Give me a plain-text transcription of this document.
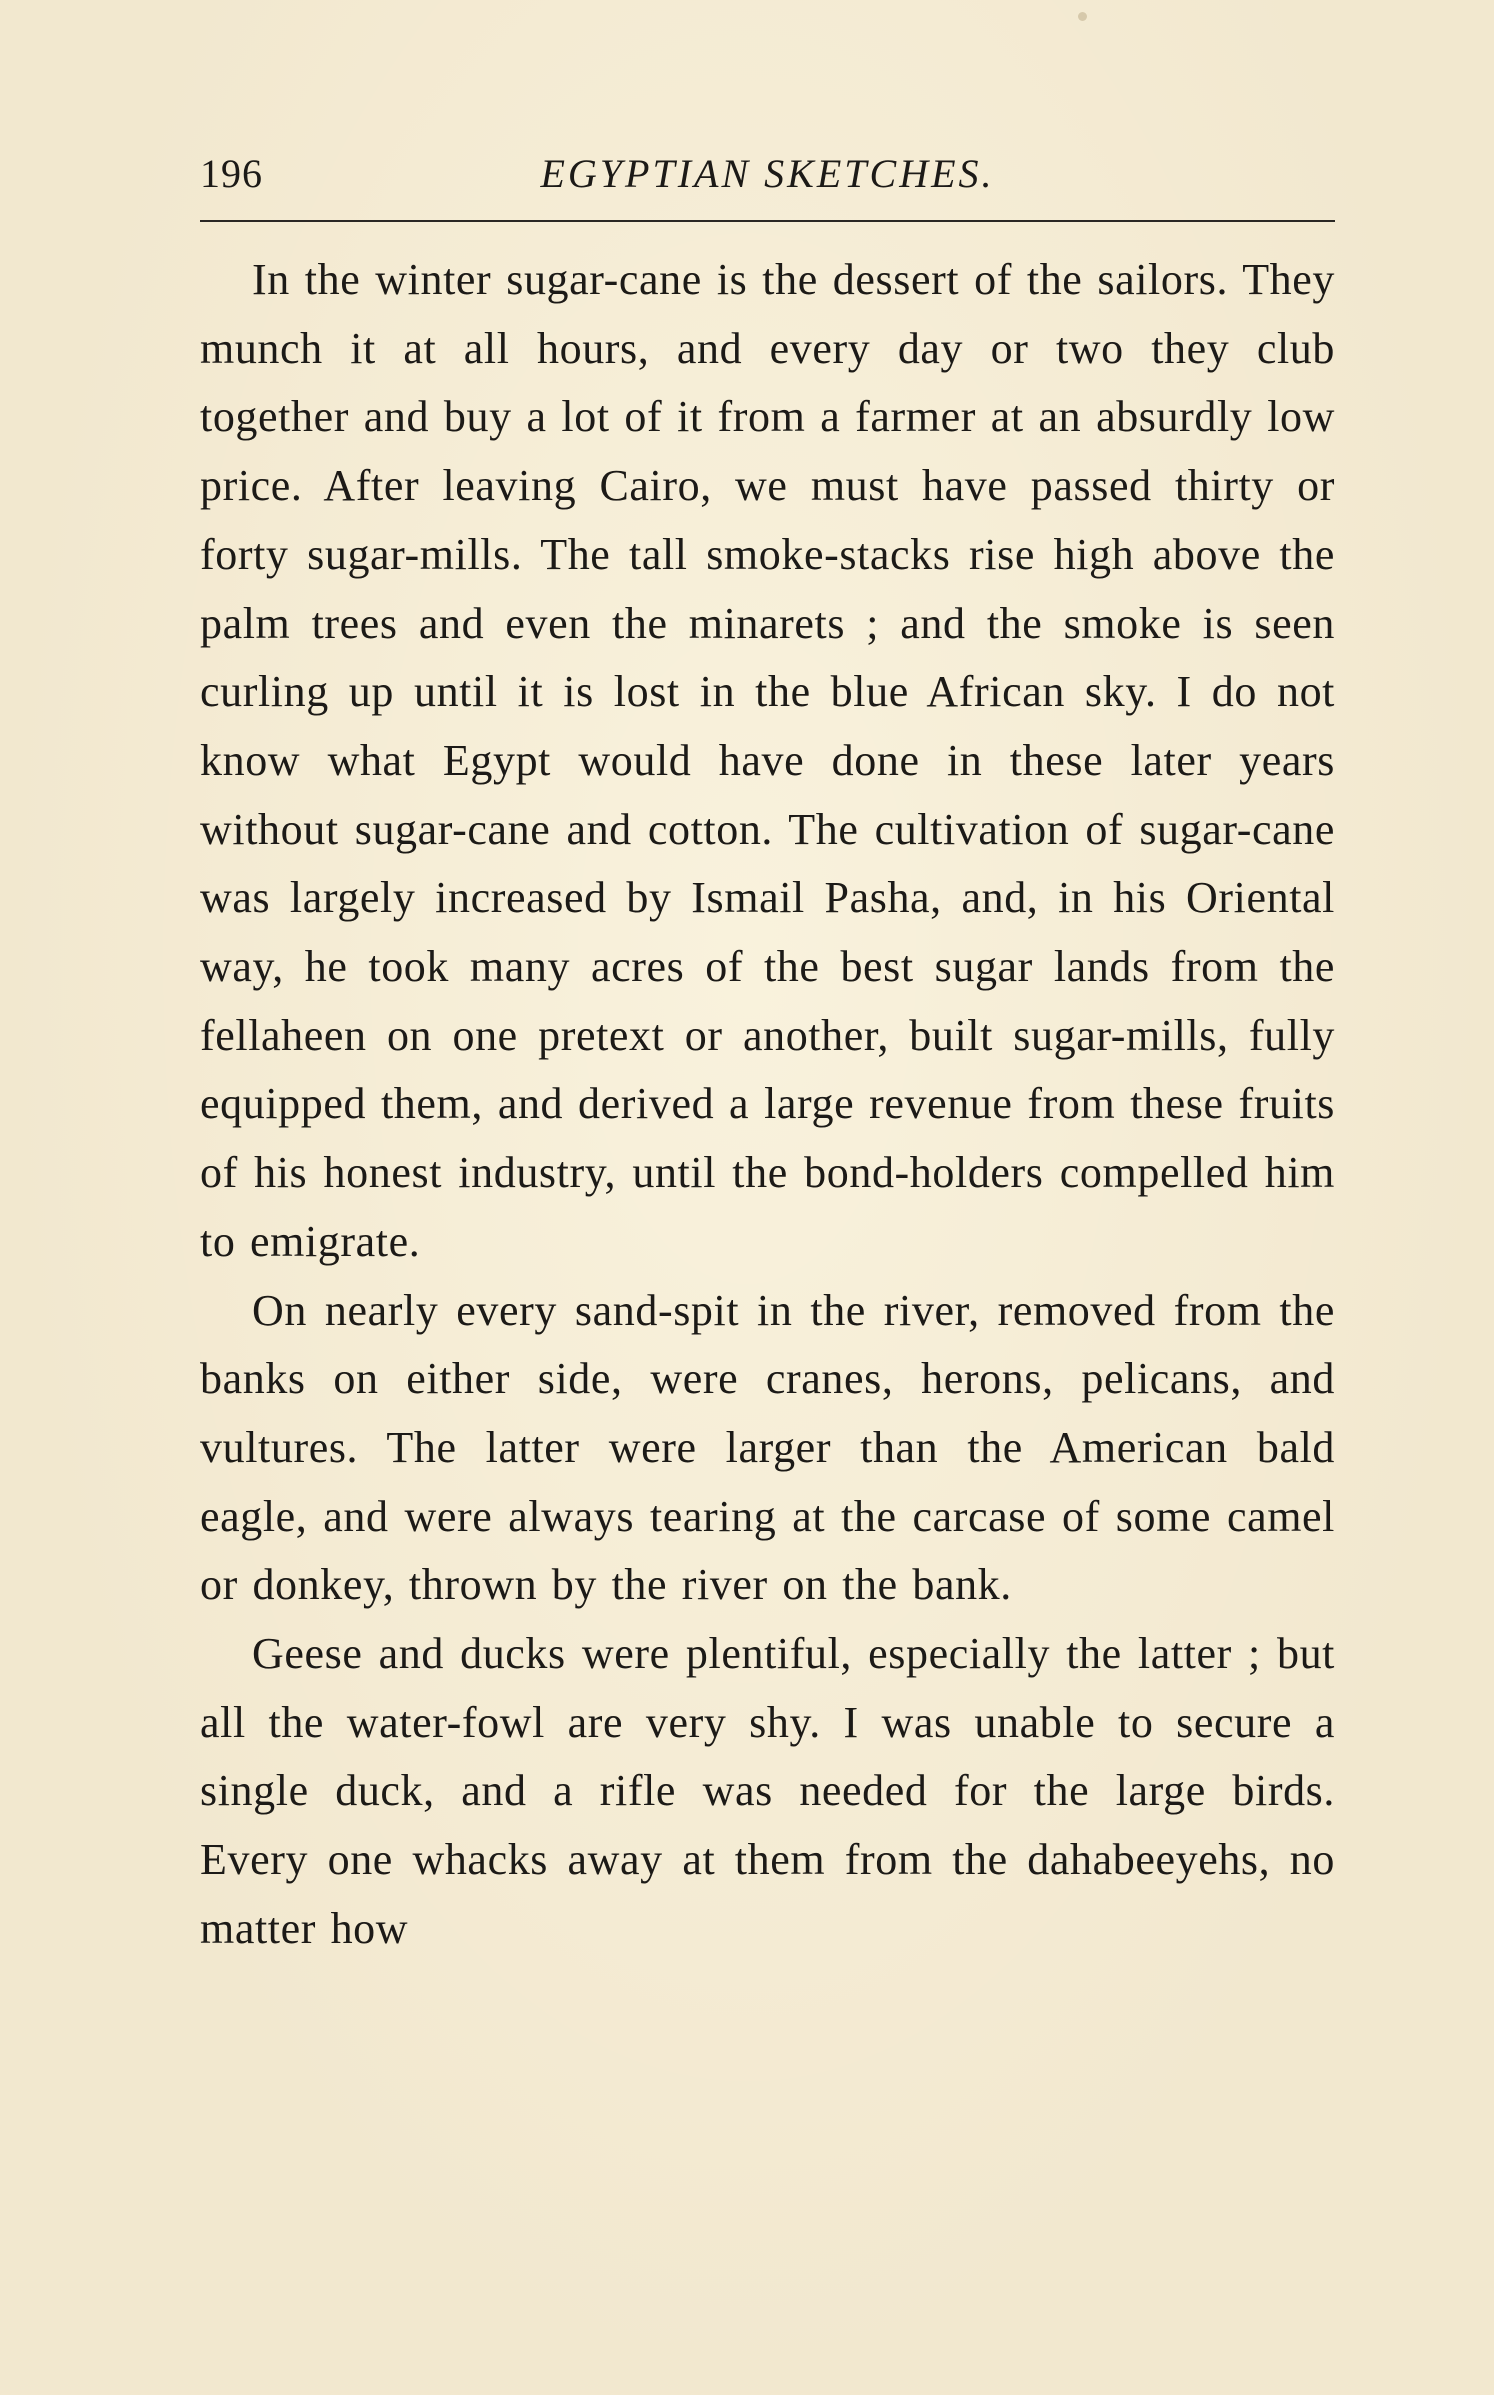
196	EGYPTIAN SKETCHES.

In the winter sugar-cane is the dessert of the sailors. They munch it at all hours, and every day or two they club together and buy a lot of it from a farmer at an absurdly low price. After leaving Cairo, we must have passed thirty or forty sugar-mills. The tall smoke-stacks rise high above the palm trees and even the minarets ; and the smoke is seen curling up until it is lost in the blue African sky. I do not know what Egypt would have done in these later years without sugar-cane and cotton. The cultivation of sugar-cane was largely increased by Ismail Pasha, and, in his Oriental way, he took many acres of the best sugar lands from the fellaheen on one pretext or another, built sugar-mills, fully equipped them, and derived a large revenue from these fruits of his honest industry, until the bond-holders compelled him to emigrate.

On nearly every sand-spit in the river, removed from the banks on either side, were cranes, herons, pelicans, and vultures. The latter were larger than the American bald eagle, and were always tearing at the carcase of some camel or donkey, thrown by the river on the bank.

Geese and ducks were plentiful, especially the latter ; but all the water-fowl are very shy. I was unable to secure a single duck, and a rifle was needed for the large birds. Every one whacks away at them from the dahabeeyehs, no matter how
